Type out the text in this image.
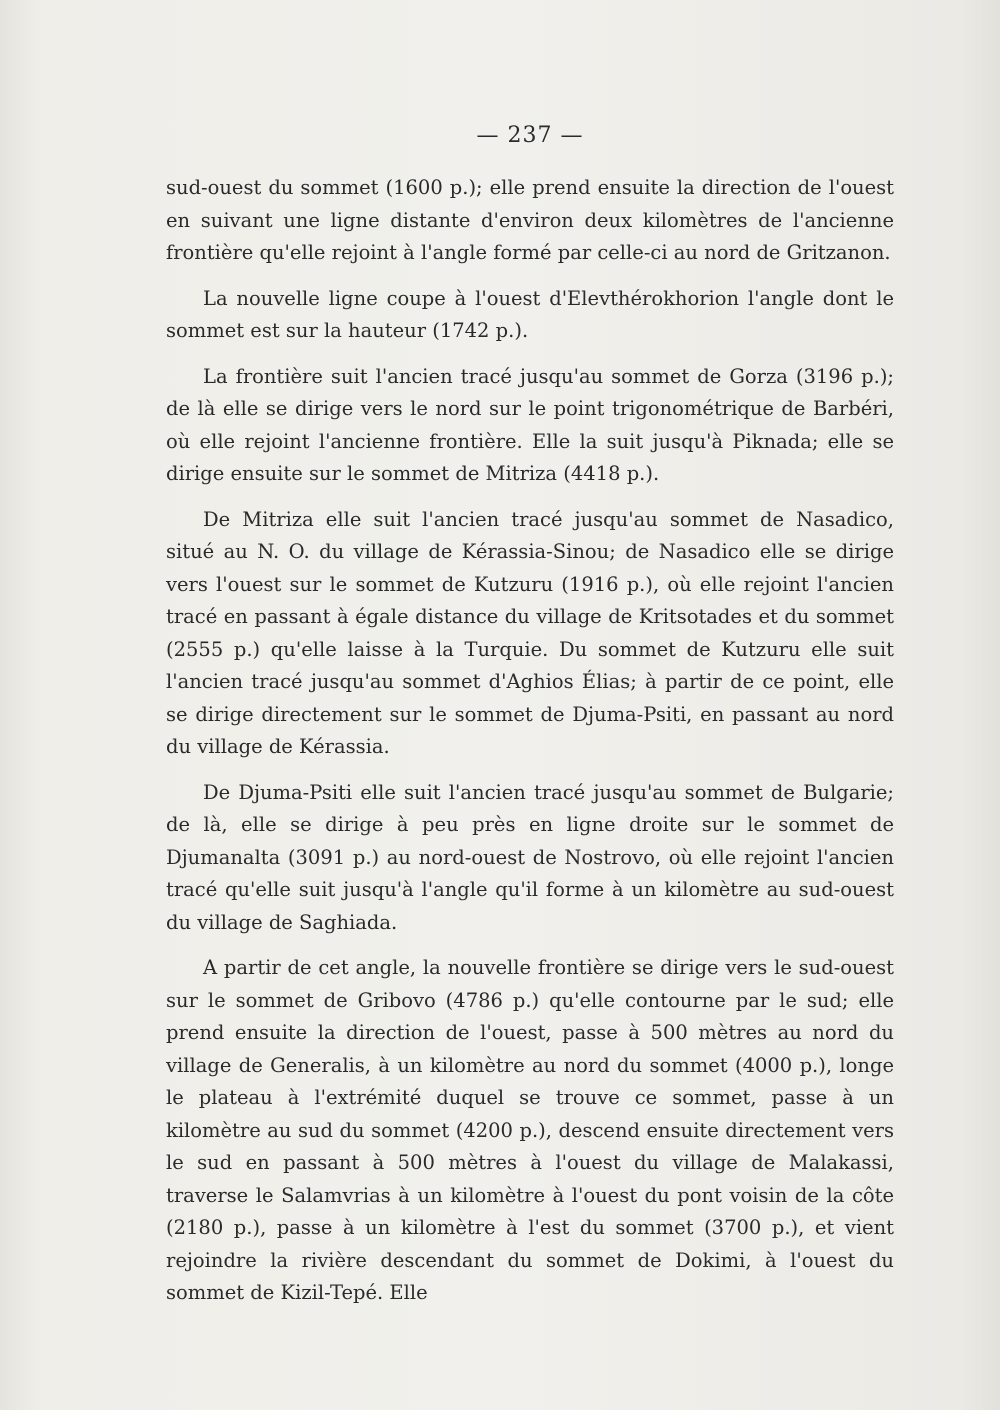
— 237 —

sud-ouest du sommet (1600 p.); elle prend ensuite la direction de l'ouest en suivant une ligne distante d'environ deux kilomètres de l'ancienne frontière qu'elle rejoint à l'angle formé par celle-ci au nord de Gritzanon.

La nouvelle ligne coupe à l'ouest d'Elevthérokhorion l'angle dont le sommet est sur la hauteur (1742 p.).

La frontière suit l'ancien tracé jusqu'au sommet de Gorza (3196 p.); de là elle se dirige vers le nord sur le point trigonométrique de Barbéri, où elle rejoint l'ancienne frontière. Elle la suit jusqu'à Piknada; elle se dirige ensuite sur le sommet de Mitriza (4418 p.).

De Mitriza elle suit l'ancien tracé jusqu'au sommet de Nasadico, situé au N. O. du village de Kérassia-Sinou; de Nasadico elle se dirige vers l'ouest sur le sommet de Kutzuru (1916 p.), où elle rejoint l'ancien tracé en passant à égale distance du village de Kritsotades et du sommet (2555 p.) qu'elle laisse à la Turquie. Du sommet de Kutzuru elle suit l'ancien tracé jusqu'au sommet d'Aghios Élias; à partir de ce point, elle se dirige directement sur le sommet de Djuma-Psiti, en passant au nord du village de Kérassia.

De Djuma-Psiti elle suit l'ancien tracé jusqu'au sommet de Bulgarie; de là, elle se dirige à peu près en ligne droite sur le sommet de Djumanalta (3091 p.) au nord-ouest de Nostrovo, où elle rejoint l'ancien tracé qu'elle suit jusqu'à l'angle qu'il forme à un kilomètre au sud-ouest du village de Saghiada.

A partir de cet angle, la nouvelle frontière se dirige vers le sud-ouest sur le sommet de Gribovo (4786 p.) qu'elle contourne par le sud; elle prend ensuite la direction de l'ouest, passe à 500 mètres au nord du village de Generalis, à un kilomètre au nord du sommet (4000 p.), longe le plateau à l'extrémité duquel se trouve ce sommet, passe à un kilomètre au sud du sommet (4200 p.), descend ensuite directement vers le sud en passant à 500 mètres à l'ouest du village de Malakassi, traverse le Salamvrias à un kilomètre à l'ouest du pont voisin de la côte (2180 p.), passe à un kilomètre à l'est du sommet (3700 p.), et vient rejoindre la rivière descendant du sommet de Dokimi, à l'ouest du sommet de Kizil-Tepé. Elle
